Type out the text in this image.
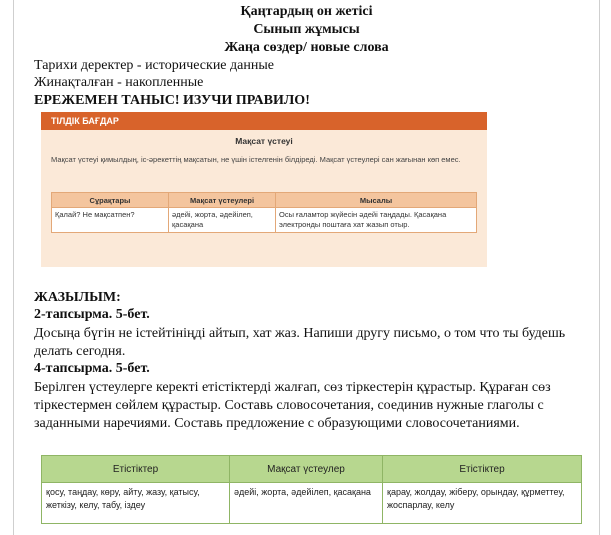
Қаңтардың он жетісі
Сынып жұмысы
Жаңа сөздер/ новые слова
Тарихи деректер - исторические данные
Жинақталған - накопленные
ЕРЕЖЕМЕН ТАНЫС! ИЗУЧИ ПРАВИЛО!
ТІЛДІК БАҒДАР
Мақсат үстеуі
Мақсат үстеуі қимылдың, іс-әрекеттің мақсатын, не үшін істелгенін білдіреді. Мақсат үстеулері сан жағынан көп емес.
Сұрақтары	Мақсат үстеулері	Мысалы
Қалай? Не мақсатпен?	әдейі, жорта, әдейілеп, қасақана	Осы ғаламтор жүйесін әдейі таңдады. Қасақана электронды поштаға хат жазып отыр.
ЖАЗЫЛЫМ:
2-тапсырма. 5-бет.
Досыңа бүгін не істейтініңді айтып, хат жаз. Напиши другу письмо, о том что ты будешь делать сегодня.
4-тапсырма. 5-бет.
Берілген үстеулерге керекті етістіктерді жалғап, сөз тіркестерін құрастыр. Құраған сөз тіркестермен сөйлем құрастыр. Составь словосочетания, соединив нужные глаголы с заданными наречиями. Составь предложение с образующими словосочетаниями.
Етістіктер	Мақсат үстеулер	Етістіктер
қосу, таңдау, көру, айту, жазу, қатысу, жеткізу, келу, табу, іздеу	әдейі, жорта, әдейілеп, қасақана	қарау, жолдау, жіберу, орындау, құрметтеу, жоспарлау, келу
